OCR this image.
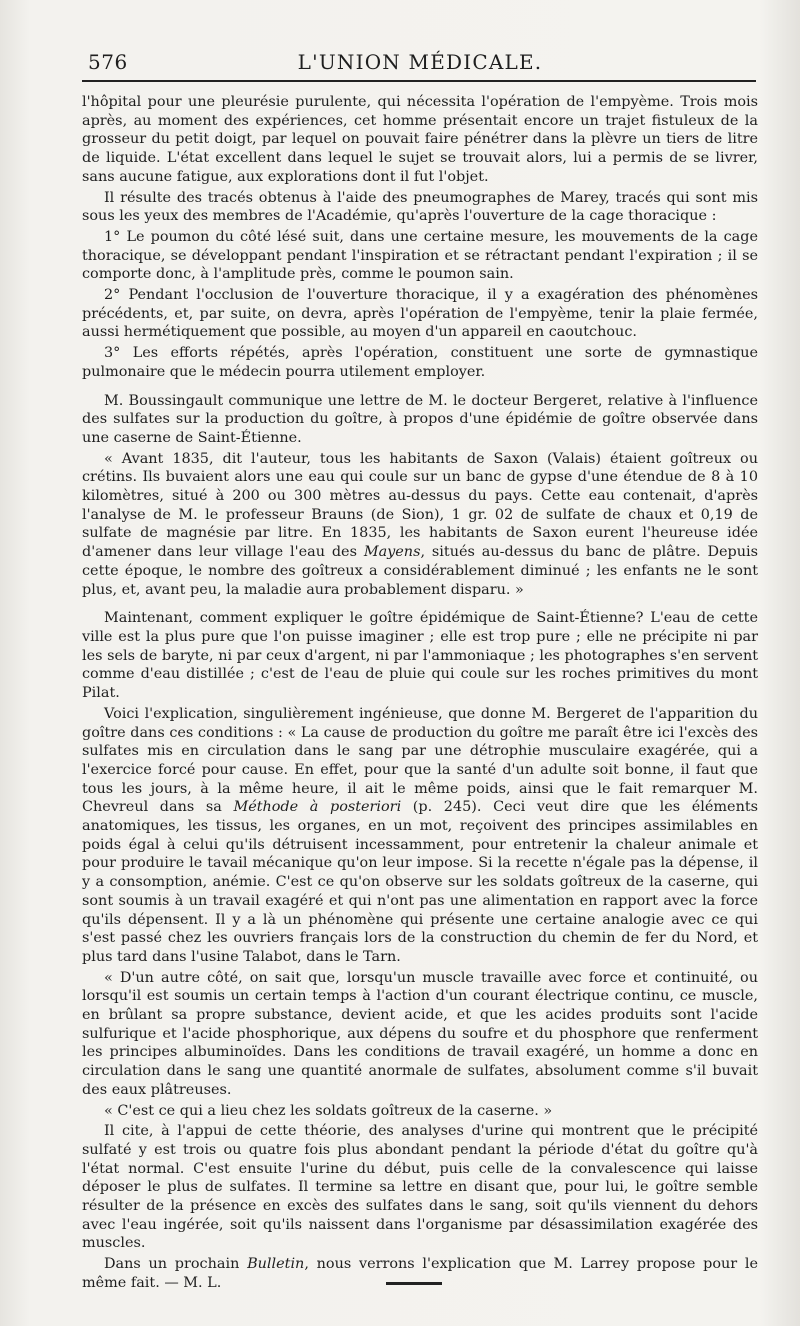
576	L'UNION MÉDICALE.

l'hôpital pour une pleurésie purulente, qui nécessita l'opération de l'empyème. Trois mois après, au moment des expériences, cet homme présentait encore un trajet fistuleux de la grosseur du petit doigt, par lequel on pouvait faire pénétrer dans la plèvre un tiers de litre de liquide. L'état excellent dans lequel le sujet se trouvait alors, lui a permis de se livrer, sans aucune fatigue, aux explorations dont il fut l'objet.

Il résulte des tracés obtenus à l'aide des pneumographes de Marey, tracés qui sont mis sous les yeux des membres de l'Académie, qu'après l'ouverture de la cage thoracique :

1° Le poumon du côté lésé suit, dans une certaine mesure, les mouvements de la cage thoracique, se développant pendant l'inspiration et se rétractant pendant l'expiration ; il se comporte donc, à l'amplitude près, comme le poumon sain.

2° Pendant l'occlusion de l'ouverture thoracique, il y a exagération des phénomènes précédents, et, par suite, on devra, après l'opération de l'empyème, tenir la plaie fermée, aussi hermétiquement que possible, au moyen d'un appareil en caoutchouc.

3° Les efforts répétés, après l'opération, constituent une sorte de gymnastique pulmonaire que le médecin pourra utilement employer.

M. Boussingault communique une lettre de M. le docteur Bergeret, relative à l'influence des sulfates sur la production du goître, à propos d'une épidémie de goître observée dans une caserne de Saint-Étienne.

« Avant 1835, dit l'auteur, tous les habitants de Saxon (Valais) étaient goîtreux ou crétins. Ils buvaient alors une eau qui coule sur un banc de gypse d'une étendue de 8 à 10 kilomètres, situé à 200 ou 300 mètres au-dessus du pays. Cette eau contenait, d'après l'analyse de M. le professeur Brauns (de Sion), 1 gr. 02 de sulfate de chaux et 0,19 de sulfate de magnésie par litre. En 1835, les habitants de Saxon eurent l'heureuse idée d'amener dans leur village l'eau des Mayens, situés au-dessus du banc de plâtre. Depuis cette époque, le nombre des goîtreux a considérablement diminué ; les enfants ne le sont plus, et, avant peu, la maladie aura probablement disparu. »

Maintenant, comment expliquer le goître épidémique de Saint-Étienne? L'eau de cette ville est la plus pure que l'on puisse imaginer ; elle est trop pure ; elle ne précipite ni par les sels de baryte, ni par ceux d'argent, ni par l'ammoniaque ; les photographes s'en servent comme d'eau distillée ; c'est de l'eau de pluie qui coule sur les roches primitives du mont Pilat.

Voici l'explication, singulièrement ingénieuse, que donne M. Bergeret de l'apparition du goître dans ces conditions : « La cause de production du goître me paraît être ici l'excès des sulfates mis en circulation dans le sang par une détrophie musculaire exagérée, qui a l'exercice forcé pour cause. En effet, pour que la santé d'un adulte soit bonne, il faut que tous les jours, à la même heure, il ait le même poids, ainsi que le fait remarquer M. Chevreul dans sa Méthode à posteriori (p. 245). Ceci veut dire que les éléments anatomiques, les tissus, les organes, en un mot, reçoivent des principes assimilables en poids égal à celui qu'ils détruisent incessamment, pour entretenir la chaleur animale et pour produire le tavail mécanique qu'on leur impose. Si la recette n'égale pas la dépense, il y a consomption, anémie. C'est ce qu'on observe sur les soldats goîtreux de la caserne, qui sont soumis à un travail exagéré et qui n'ont pas une alimentation en rapport avec la force qu'ils dépensent. Il y a là un phénomène qui présente une certaine analogie avec ce qui s'est passé chez les ouvriers français lors de la construction du chemin de fer du Nord, et plus tard dans l'usine Talabot, dans le Tarn.

« D'un autre côté, on sait que, lorsqu'un muscle travaille avec force et continuité, ou lorsqu'il est soumis un certain temps à l'action d'un courant électrique continu, ce muscle, en brûlant sa propre substance, devient acide, et que les acides produits sont l'acide sulfurique et l'acide phosphorique, aux dépens du soufre et du phosphore que renferment les principes albuminoïdes. Dans les conditions de travail exagéré, un homme a donc en circulation dans le sang une quantité anormale de sulfates, absolument comme s'il buvait des eaux plâtreuses.

« C'est ce qui a lieu chez les soldats goîtreux de la caserne. »

Il cite, à l'appui de cette théorie, des analyses d'urine qui montrent que le précipité sulfaté y est trois ou quatre fois plus abondant pendant la période d'état du goître qu'à l'état normal. C'est ensuite l'urine du début, puis celle de la convalescence qui laisse déposer le plus de sulfates. Il termine sa lettre en disant que, pour lui, le goître semble résulter de la présence en excès des sulfates dans le sang, soit qu'ils viennent du dehors avec l'eau ingérée, soit qu'ils naissent dans l'organisme par désassimilation exagérée des muscles.

Dans un prochain Bulletin, nous verrons l'explication que M. Larrey propose pour le même fait. — M. L.
